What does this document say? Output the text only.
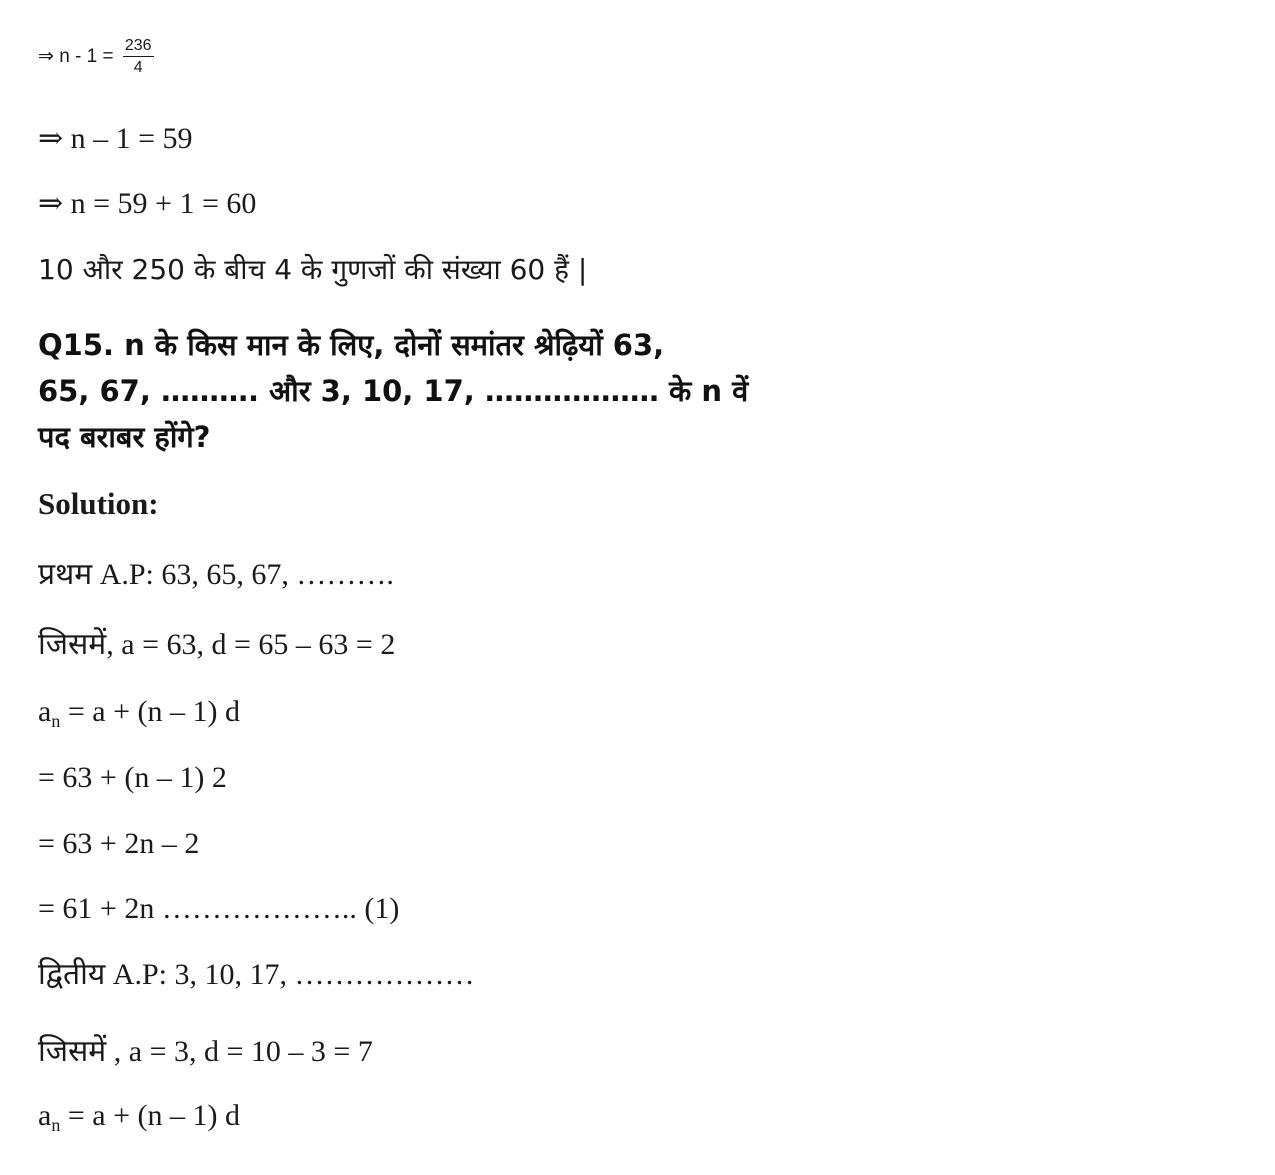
⇒ $n - 1 = \frac{236}{4}$
⇒ n – 1 = 59
⇒ n = 59 + 1 = 60
10 और 250 के बीच 4 के गुणजों की संख्या 60 हैं |
Q15. n के किस मान के लिए, दोनों समांतर श्रेढ़ियों 63,
65, 67, ………. और 3, 10, 17, ……………… के n वें
पद बराबर होंगे?
Solution:
प्रथम A.P: 63, 65, 67, ……….
जिसमें, a = 63, d = 65 – 63 = 2
$a_n = a + (n - 1)$ d
= 63 + (n – 1) 2
= 63 + 2n – 2
= 61 + 2n ……………….. (1)
द्वितीय A.P: 3, 10, 17, ………………
जिसमें , a = 3, d = 10 – 3 = 7
$a_n = a + (n - 1)$ d
